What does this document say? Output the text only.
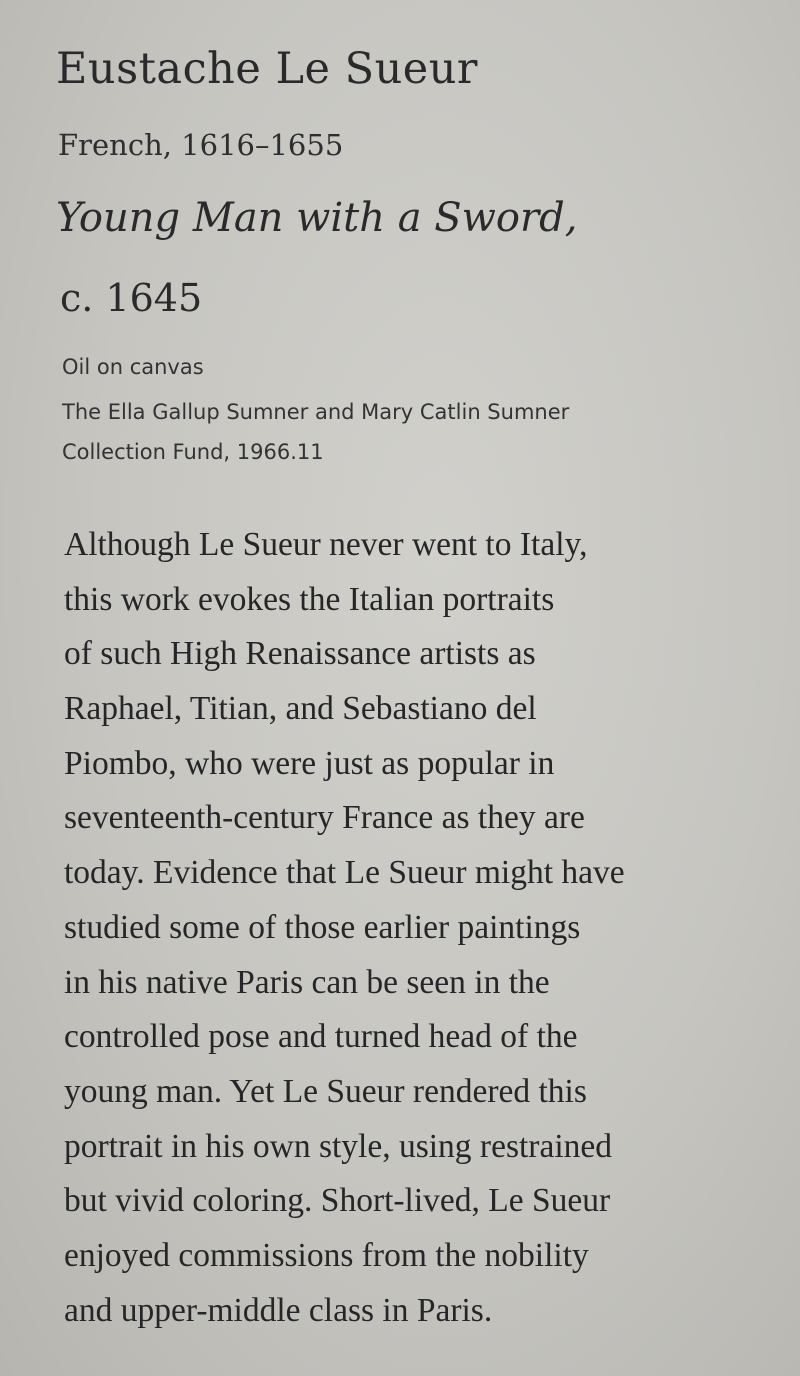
Eustache Le Sueur
French, 1616–1655
Young Man with a Sword,
c. 1645
Oil on canvas
The Ella Gallup Sumner and Mary Catlin Sumner
Collection Fund, 1966.11
Although Le Sueur never went to Italy,
this work evokes the Italian portraits
of such High Renaissance artists as
Raphael, Titian, and Sebastiano del
Piombo, who were just as popular in
seventeenth-century France as they are
today. Evidence that Le Sueur might have
studied some of those earlier paintings
in his native Paris can be seen in the
controlled pose and turned head of the
young man. Yet Le Sueur rendered this
portrait in his own style, using restrained
but vivid coloring. Short-lived, Le Sueur
enjoyed commissions from the nobility
and upper-middle class in Paris.
